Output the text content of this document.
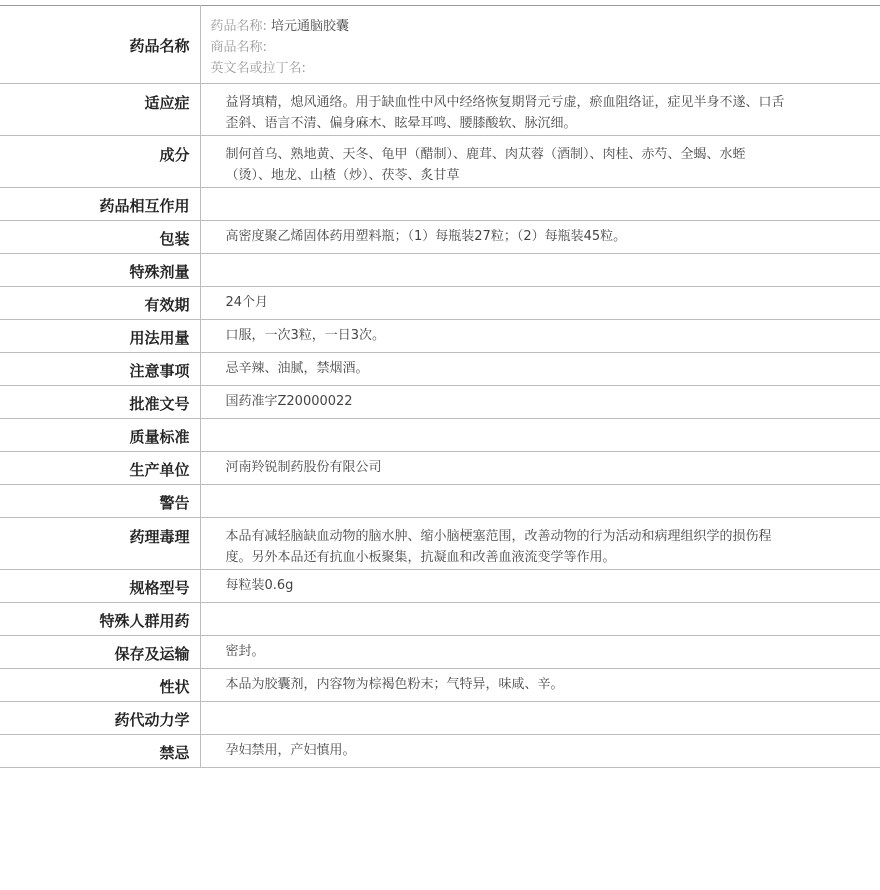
药品名称	药品名称: 培元通脑胶囊
商品名称:
英文名或拉丁名:

适应症	益肾填精，熄风通络。用于缺血性中风中经络恢复期肾元亏虚，瘀血阻络证，症见半身不遂、口舌歪斜、语言不清、偏身麻木、眩晕耳鸣、腰膝酸软、脉沉细。
成分	制何首乌、熟地黄、天冬、龟甲（醋制）、鹿茸、肉苁蓉（酒制）、肉桂、赤芍、全蝎、水蛭（烫）、地龙、山楂（炒）、茯苓、炙甘草
药品相互作用	
包装	高密度聚乙烯固体药用塑料瓶；（1）每瓶装27粒；（2）每瓶装45粒。
特殊剂量	
有效期	24个月
用法用量	口服，一次3粒，一日3次。
注意事项	忌辛辣、油腻，禁烟酒。
批准文号	国药准字Z20000022
质量标准	
生产单位	河南羚锐制药股份有限公司
警告	
药理毒理	本品有减轻脑缺血动物的脑水肿、缩小脑梗塞范围，改善动物的行为活动和病理组织学的损伤程度。另外本品还有抗血小板聚集，抗凝血和改善血液流变学等作用。
规格型号	每粒装0.6g
特殊人群用药	
保存及运输	密封。
性状	本品为胶囊剂，内容物为棕褐色粉末；气特异，味咸、辛。
药代动力学	
禁忌	孕妇禁用，产妇慎用。
